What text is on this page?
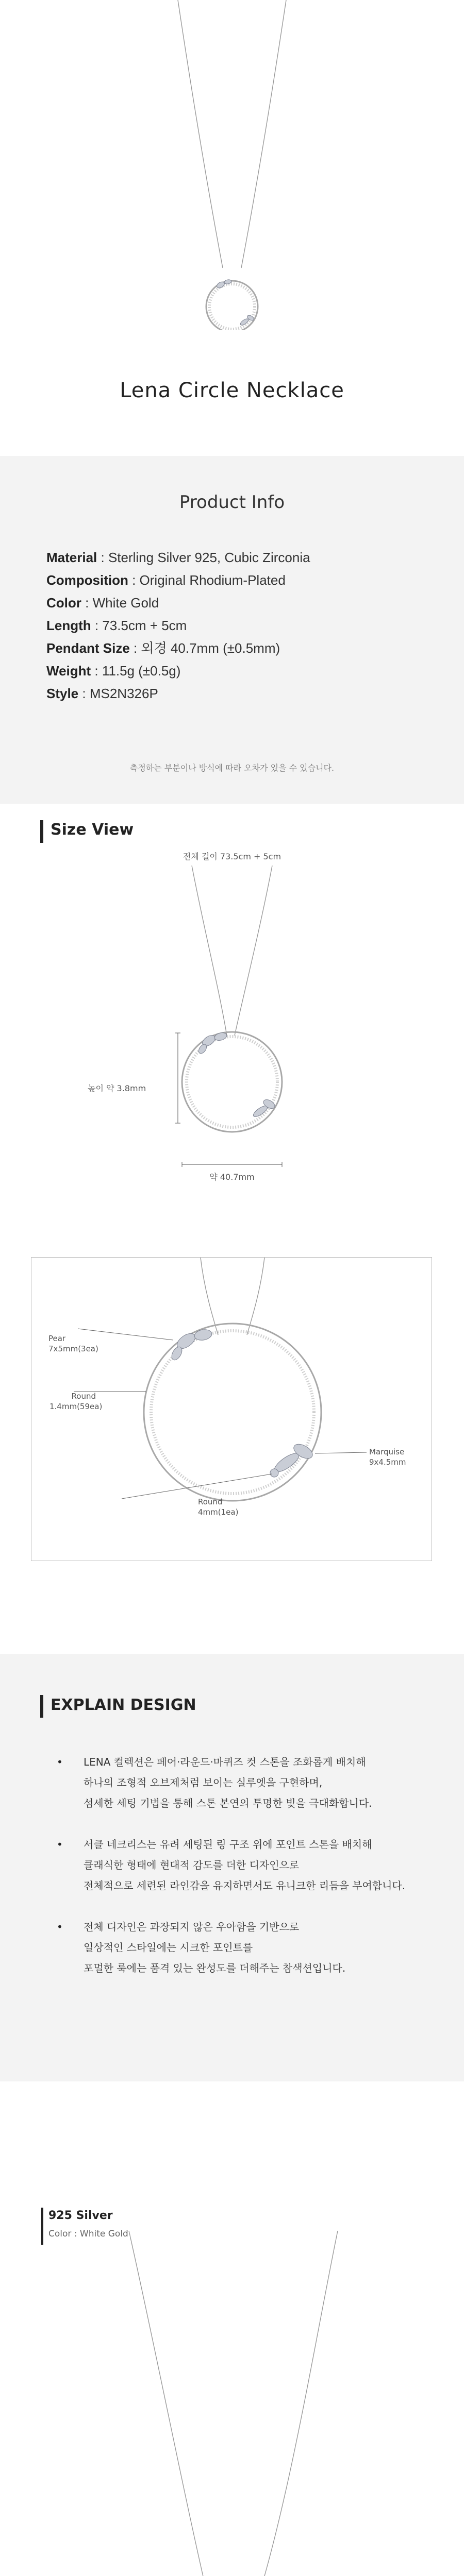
Lena Circle Necklace
Product Info
Material : Sterling Silver 925, Cubic Zirconia
Composition : Original Rhodium-Plated
Color : White Gold
Length : 73.5cm + 5cm
Pendant Size : 외경 40.7mm (±0.5mm)
Weight : 11.5g (±0.5g)
Style : MS2N326P
측정하는 부분이나 방식에 따라 오차가 있을 수 있습니다.
Size View
전체 길이 73.5cm + 5cm
높이 약 3.8mm
약 40.7mm
Pear
7x5mm(3ea)
Round
1.4mm(59ea)
Marquise
9x4.5mm
Round
4mm(1ea)
EXPLAIN DESIGN
• LENA 컬렉션은 페어·라운드·마퀴즈 컷 스톤을 조화롭게 배치해
하나의 조형적 오브제처럼 보이는 실루엣을 구현하며,
섬세한 세팅 기법을 통해 스톤 본연의 투명한 빛을 극대화합니다.
• 서클 네크리스는 유려 세팅된 링 구조 위에 포인트 스톤을 배치해
클래식한 형태에 현대적 감도를 더한 디자인으로
전체적으로 세련된 라인감을 유지하면서도 유니크한 리듬을 부여합니다.
• 전체 디자인은 과장되지 않은 우아함을 기반으로
일상적인 스타일에는 시크한 포인트를
포멀한 룩에는 품격 있는 완성도를 더해주는 참색션입니다.
925 Silver
Color : White Gold
